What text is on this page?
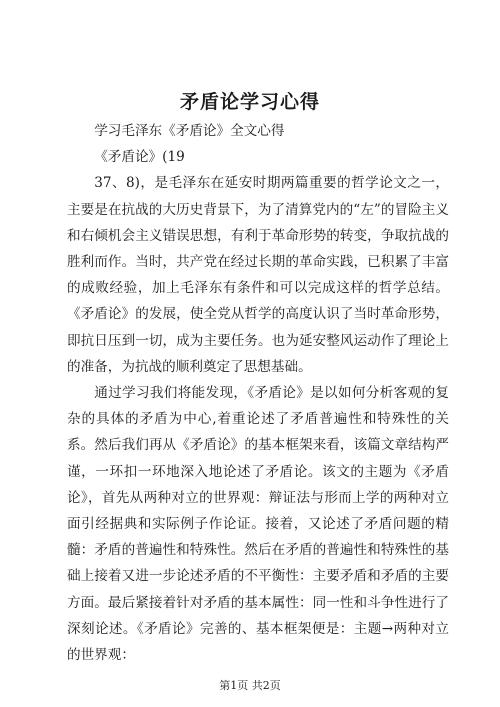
矛盾论学习心得

学习毛泽东《矛盾论》全文心得

《矛盾论》(19

37、8)，是毛泽东在延安时期两篇重要的哲学论文之一，主要是在抗战的大历史背景下，为了清算党内的“左”的冒险主义和右倾机会主义错误思想，有利于革命形势的转变，争取抗战的胜利而作。当时，共产党在经过长期的革命实践，已积累了丰富的成败经验，加上毛泽东有条件和可以完成这样的哲学总结。《矛盾论》的发展，使全党从哲学的高度认识了当时革命形势，即抗日压到一切，成为主要任务。也为延安整风运动作了理论上的准备，为抗战的顺利奠定了思想基础。

通过学习我们将能发现，《矛盾论》是以如何分析客观的复杂的具体的矛盾为中心,着重论述了矛盾普遍性和特殊性的关系。然后我们再从《矛盾论》的基本框架来看，该篇文章结构严谨，一环扣一环地深入地论述了矛盾论。该文的主题为《矛盾论》，首先从两种对立的世界观：辩证法与形而上学的两种对立面引经据典和实际例子作论证。接着，又论述了矛盾问题的精髓：矛盾的普遍性和特殊性。然后在矛盾的普遍性和特殊性的基础上接着又进一步论述矛盾的不平衡性：主要矛盾和矛盾的主要方面。最后紧接着针对矛盾的基本属性：同一性和斗争性进行了深刻论述。《矛盾论》完善的、基本框架便是：主题→两种对立的世界观：

第1页 共2页
